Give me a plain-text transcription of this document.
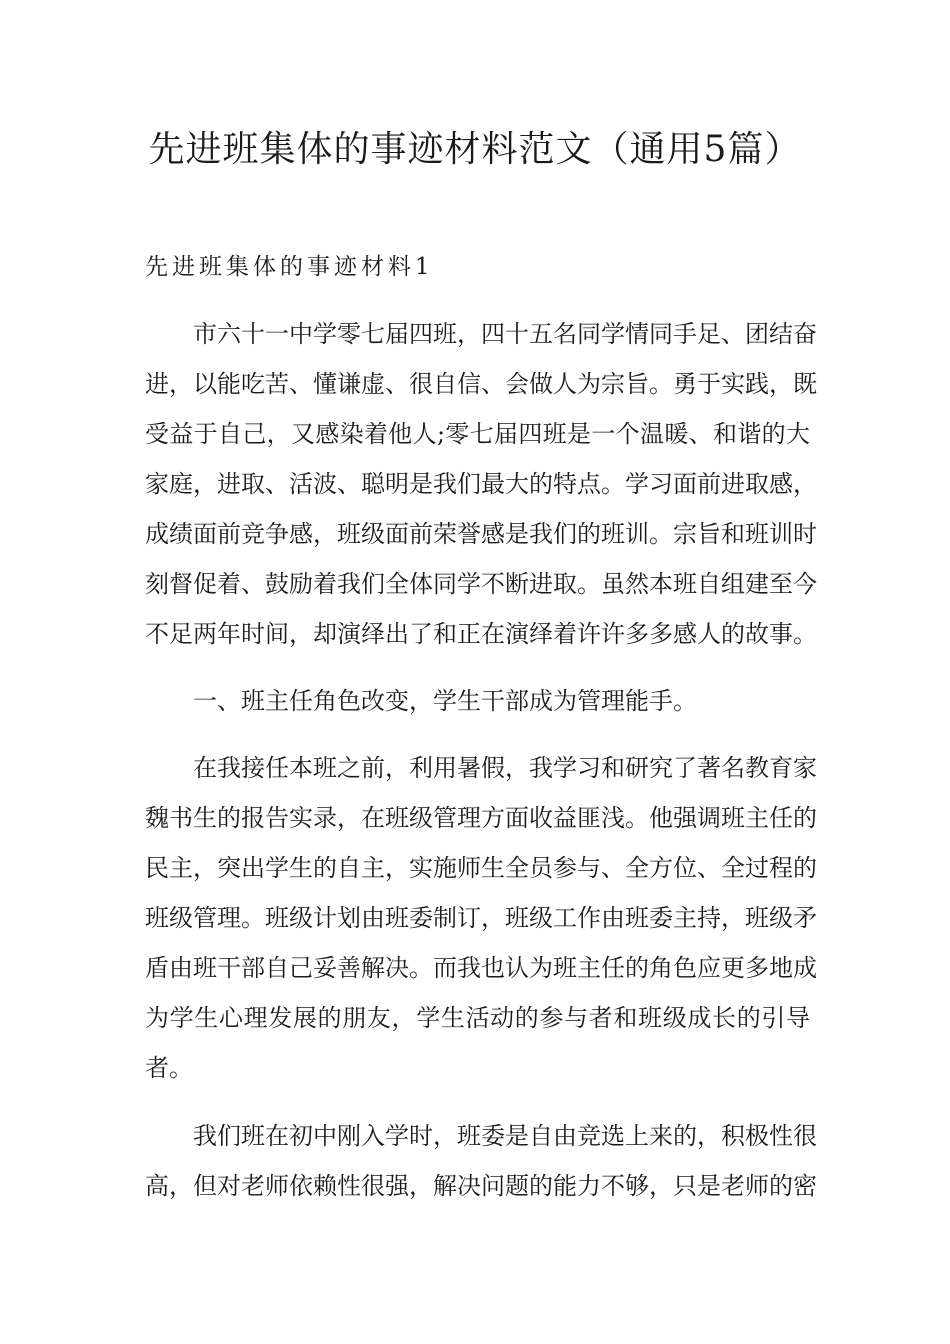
先进班集体的事迹材料范文（通用5篇）
先进班集体的事迹材料1
市六十一中学零七届四班，四十五名同学情同手足、团结奋
进，以能吃苦、懂谦虚、很自信、会做人为宗旨。勇于实践，既
受益于自己，又感染着他人;零七届四班是一个温暖、和谐的大
家庭，进取、活波、聪明是我们最大的特点。学习面前进取感，
成绩面前竞争感，班级面前荣誉感是我们的班训。宗旨和班训时
刻督促着、鼓励着我们全体同学不断进取。虽然本班自组建至今
不足两年时间，却演绎出了和正在演绎着许许多多感人的故事。
一、班主任角色改变，学生干部成为管理能手。
在我接任本班之前，利用暑假，我学习和研究了著名教育家
魏书生的报告实录，在班级管理方面收益匪浅。他强调班主任的
民主，突出学生的自主，实施师生全员参与、全方位、全过程的
班级管理。班级计划由班委制订，班级工作由班委主持，班级矛
盾由班干部自己妥善解决。而我也认为班主任的角色应更多地成
为学生心理发展的朋友，学生活动的参与者和班级成长的引导
者。
我们班在初中刚入学时，班委是自由竞选上来的，积极性很
高，但对老师依赖性很强，解决问题的能力不够，只是老师的密
